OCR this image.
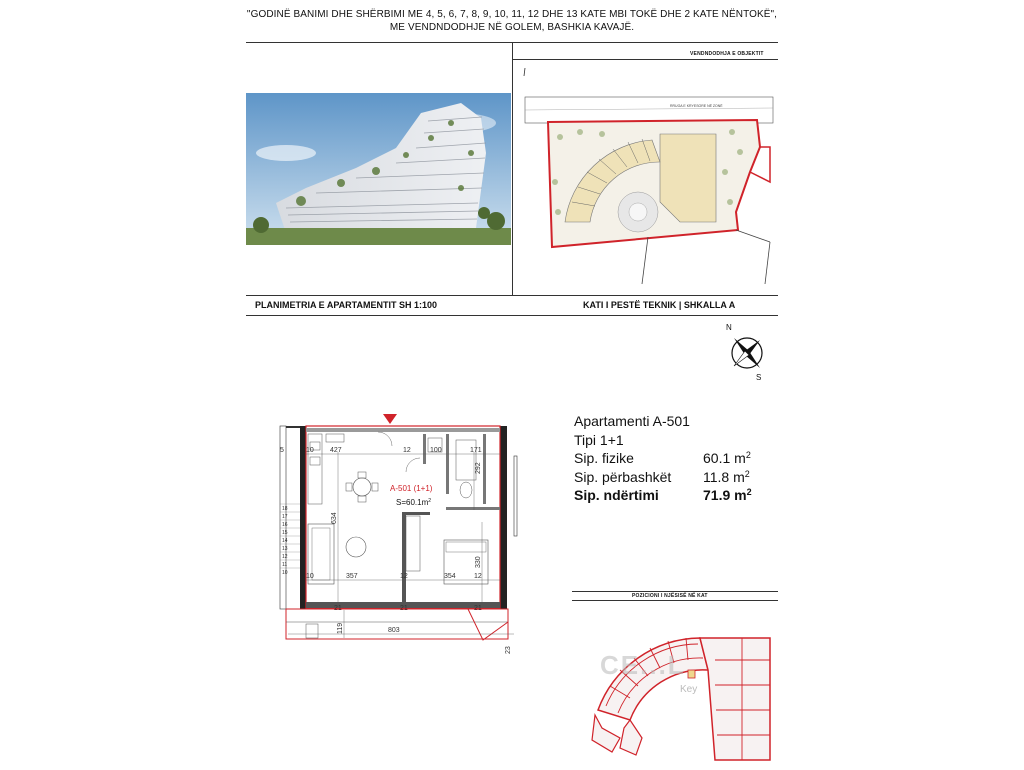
"GODINË BANIMI DHE SHËRBIMI ME 4, 5, 6, 7, 8, 9, 10, 11, 12 DHE 13 KATE MBI TOKË DHE 2 KATE NËNTOKË",
ME VENDNDODHJE NË GOLEM, BASHKIA KAVAJË.
VENDNDODHJA E OBJEKTIT
RRUGA E KRYESORE NË ZONË
PLANIMETRIA E APARTAMENTIT SH 1:100	KATI I PESTË TEKNIK | SHKALLA A
N
S
Apartamenti A-501
Tipi 1+1
Sip. fizike	60.1 $m^2$
Sip. përbashkët 11.8 $m^2$
Sip. ndërtimi	71.9 $m^2$
18
17
16
15
14
13
12
11
10
5	10 427	12	100	171
10	357	12	354	12
803
21	21	21
292
634
330
119
23
A-501 (1+1)
$S=60.1m^2$
POZICIONI I NJËSISË NË KAT
CE...L
Key
